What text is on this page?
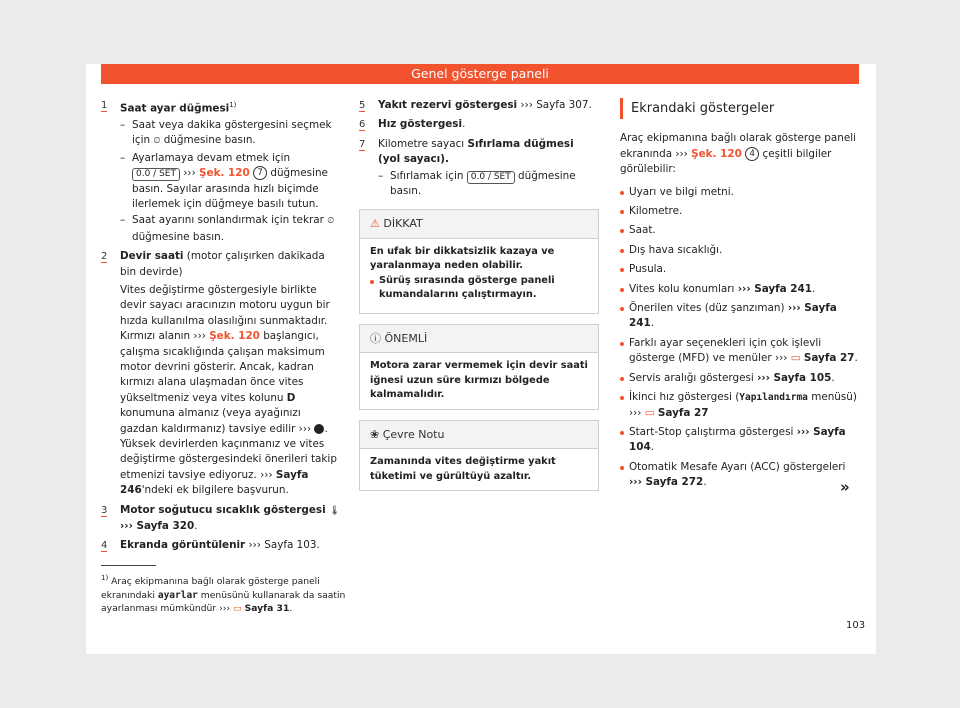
Genel gösterge paneli
1 Saat ayar düğmesi$^{1)}$
– Saat veya dakika göstergesini seçmek için ⏲ düğmesine basın.
– Ayarlamaya devam etmek için 0.0 / SET ››› Şek. 120 7 düğmesine basın. Sayılar arasında hızlı biçimde ilerlemek için düğmeye basılı tutun.
– Saat ayarını sonlandırmak için tekrar ⏲ düğmesine basın.
2 Devir saati (motor çalışırken dakikada bin devirde)
Vites değiştirme göstergesiyle birlikte devir sayacı aracınızın motoru uygun bir hızda kullanılma olasılığını sunmaktadır. Kırmızı alanın ››› Şek. 120 başlangıcı, çalışma sıcaklığında çalışan maksimum motor devrini gösterir. Ancak, kadran kırmızı alana ulaşmadan önce vites yükseltmeniz veya vites kolunu D konumuna almanız (veya ayağınızı gazdan kaldırmanız) tavsiye edilir ››› . Yüksek devirlerden kaçınmanız ve vites değiştirme göstergesindeki önerileri takip etmenizi tavsiye ediyoruz. ››› Sayfa 246'ndeki ek bilgilere başvurun.
3 Motor soğutucu sıcaklık göstergesi 🌡
››› Sayfa 320.
4 Ekranda görüntülenir ››› Sayfa 103.
5 Yakıt rezervi göstergesi ››› Sayfa 307.
6 Hız göstergesi.
7 Kilometre sayacı Sıfırlama düğmesi (yol sayacı).
– Sıfırlamak için 0.0 / SET düğmesine basın.
⚠ DİKKAT
En ufak bir dikkatsizlik kazaya ve yaralanmaya neden olabilir.
Sürüş sırasında gösterge paneli kumandalarını çalıştırmayın.
ⓘ ÖNEMLİ
Motora zarar vermemek için devir saati iğnesi uzun süre kırmızı bölgede kalmamalıdır.
❀ Çevre Notu
Zamanında vites değiştirme yakıt tüketimi ve gürültüyü azaltır.
Ekrandaki göstergeler
Araç ekipmanına bağlı olarak gösterge paneli ekranında ››› Şek. 120 4 çeşitli bilgiler görülebilir:
Uyarı ve bilgi metni.
Kilometre.
Saat.
Dış hava sıcaklığı.
Pusula.
Vites kolu konumları ››› Sayfa 241.
Önerilen vites (düz şanzıman) ››› Sayfa 241.
Farklı ayar seçenekleri için çok işlevli gösterge (MFD) ve menüler ››› ▭ Sayfa 27.
Servis aralığı göstergesi ››› Sayfa 105.
İkinci hız göstergesi (Yapılandırma menüsü) ››› ▭ Sayfa 27
Start-Stop çalıştırma göstergesi ››› Sayfa 104.
Otomatik Mesafe Ayarı (ACC) göstergeleri ››› Sayfa 272.	»
$^{1)}$ Araç ekipmanına bağlı olarak gösterge paneli ekranındaki ayarlar menüsünü kullanarak da saatin ayarlanması mümkündür ››› ▭ Sayfa 31.
103
